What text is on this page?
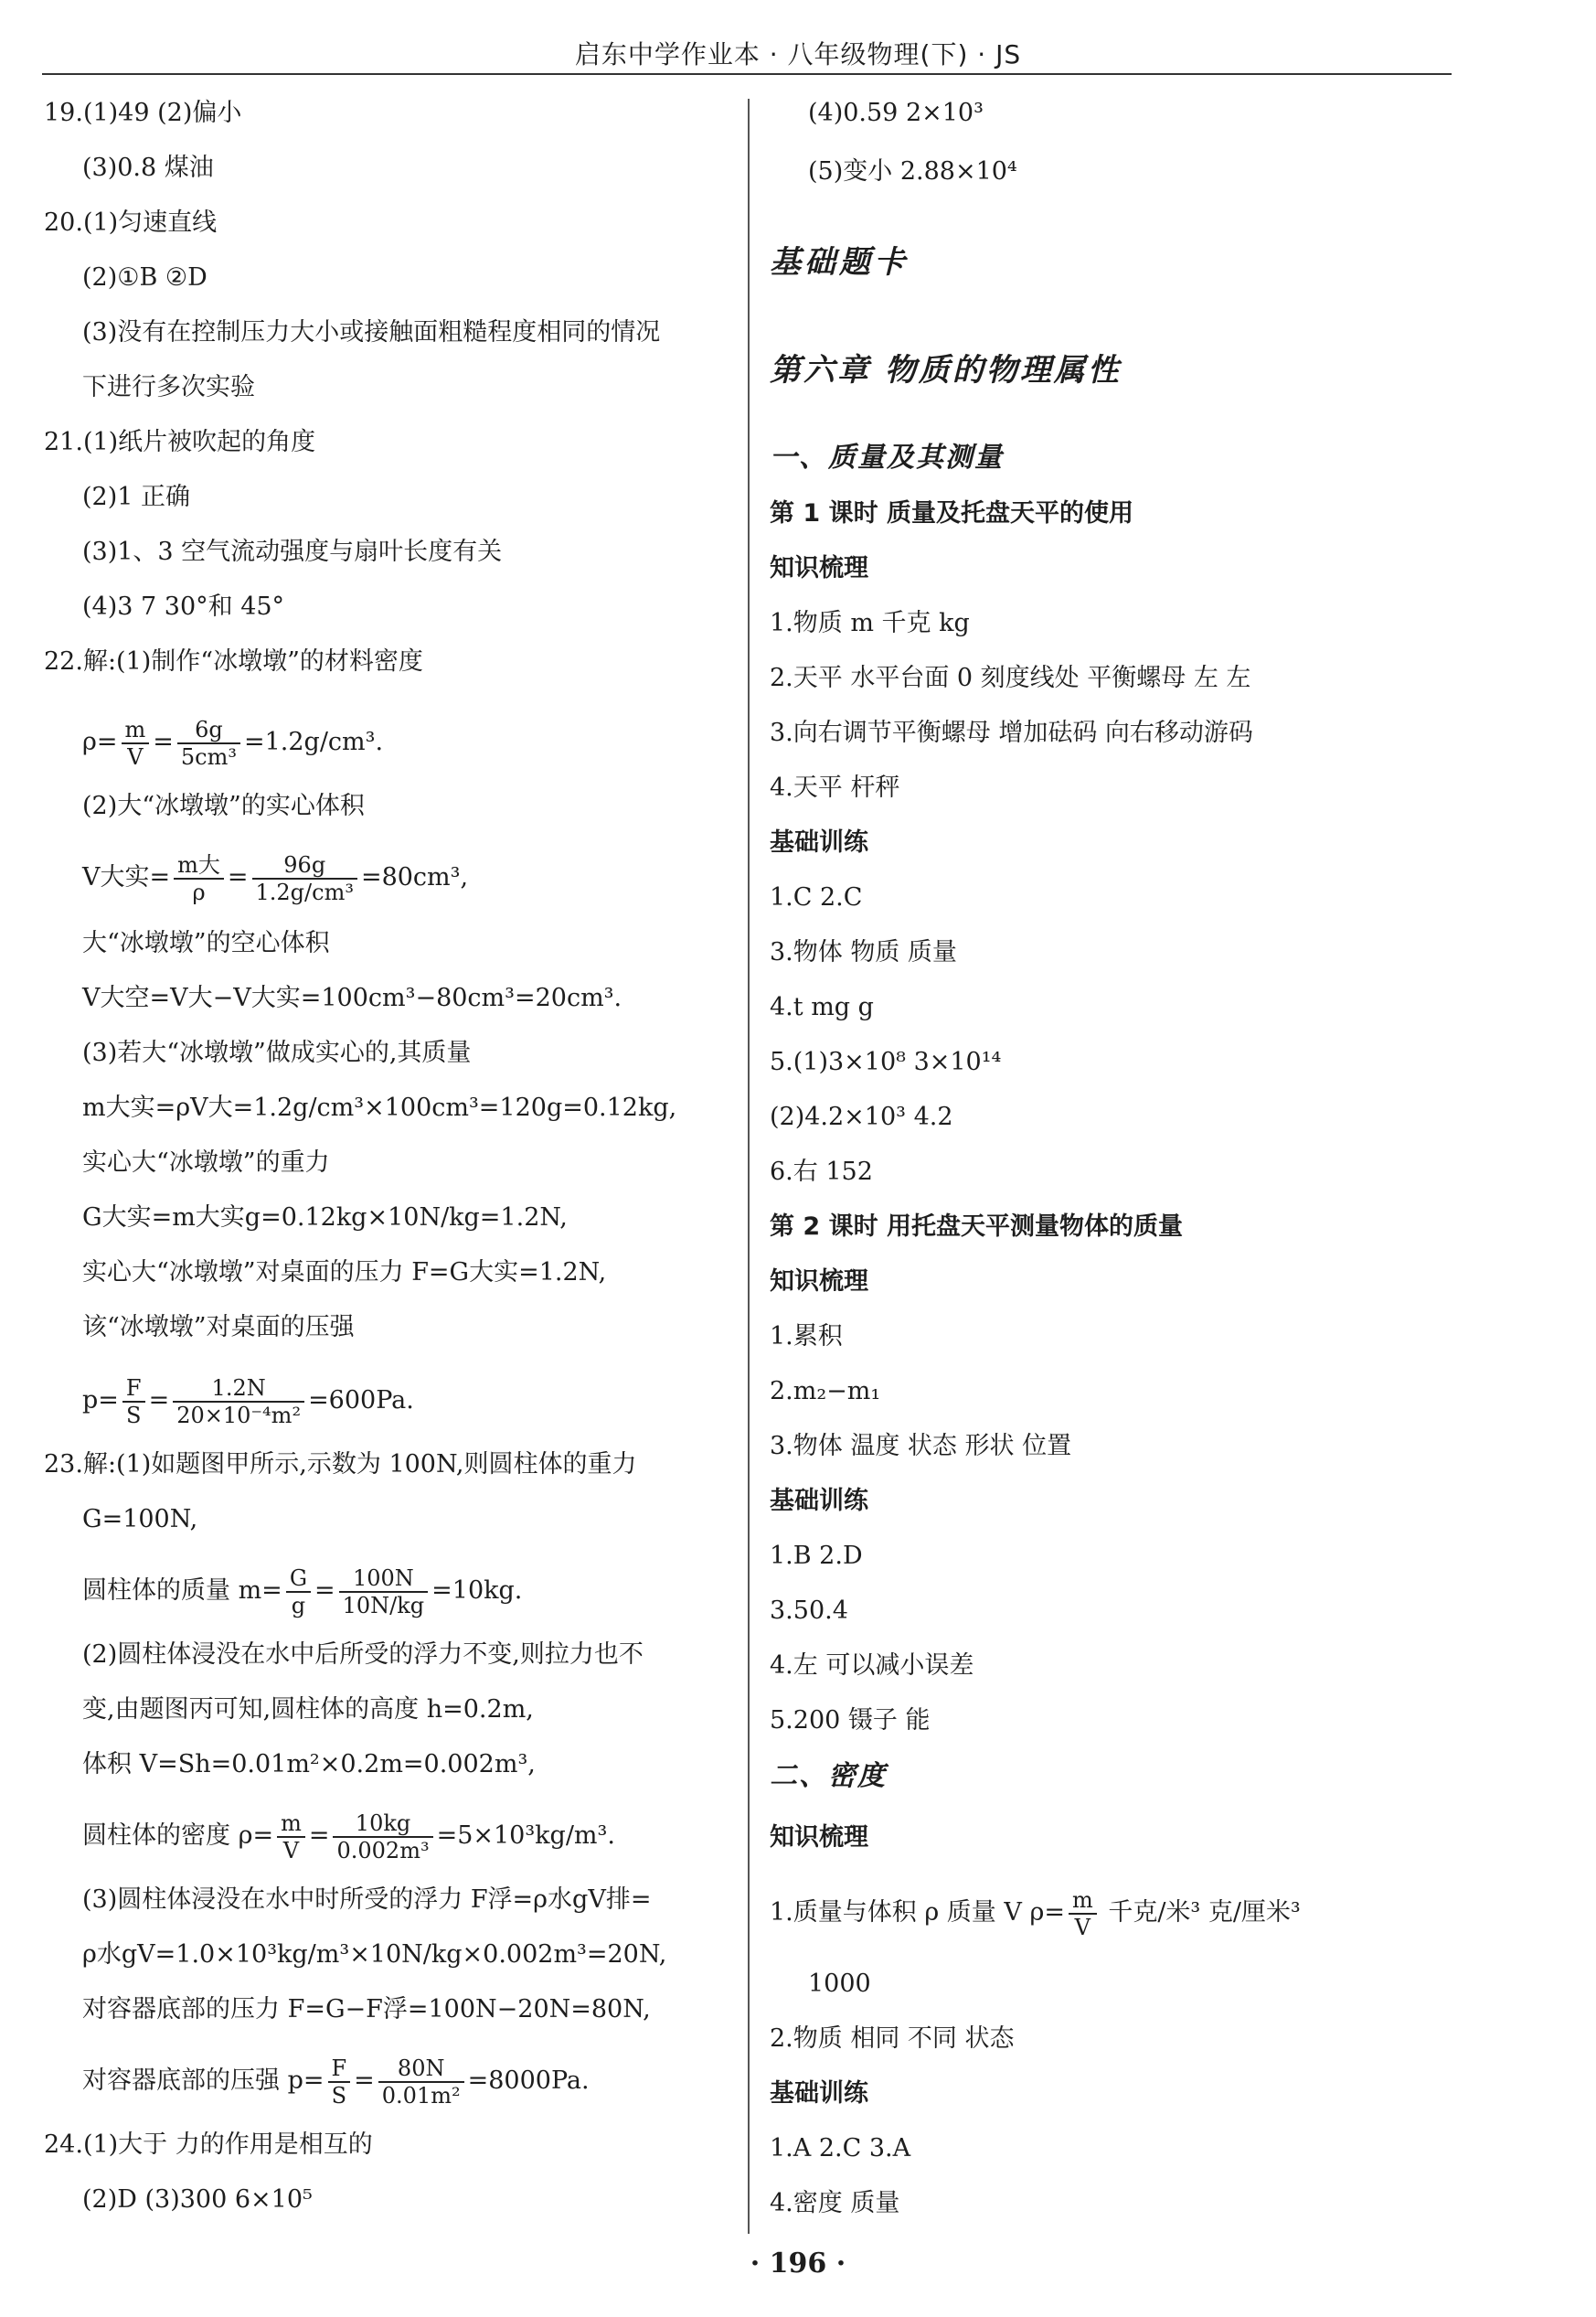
启东中学作业本 · 八年级物理(下) · JS
19.(1)49 (2)偏小
(3)0.8 煤油
20.(1)匀速直线
(2)①B ②D
(3)没有在控制压力大小或接触面粗糙程度相同的情况
下进行多次实验
21.(1)纸片被吹起的角度
(2)1 正确
(3)1、3 空气流动强度与扇叶长度有关
(4)3 7 30°和 45°
22.解:(1)制作“冰墩墩”的材料密度
$\rho= \frac{m}{V} = \frac{6g}{\text{5cm³}} =1.2g/cm^3$.
(2)大“冰墩墩”的实心体积
V大实= $\frac{\text{m大}}{\rho} = \frac{96g}{\text{1.2g/cm³}} =80cm^3$,
大“冰墩墩”的空心体积
V大空=V大−V大实=100cm³−80cm³=20cm³.
(3)若大“冰墩墩”做成实心的,其质量
m大实=ρV大=1.2g/cm³×100cm³=120g=0.12kg,
实心大“冰墩墩”的重力
G大实=m大实g=0.12kg×10N/kg=1.2N,
实心大“冰墩墩”对桌面的压力 F=G大实=1.2N,
该“冰墩墩”对桌面的压强
$p= \frac{F}{S} = \frac{1.2N}{\text{20×10⁻⁴m²}} =600Pa$.
23.解:(1)如题图甲所示,示数为 100N,则圆柱体的重力
G=100N,
圆柱体的质量 $m= \frac{G}{g} = \frac{100N}{10N/kg} =10kg$.
(2)圆柱体浸没在水中后所受的浮力不变,则拉力也不
变,由题图丙可知,圆柱体的高度 h=0.2m,
体积 V=Sh=0.01m²×0.2m=0.002m³,
圆柱体的密度 $\rho= \frac{m}{V} = \frac{10kg}{\text{0.002m³}} =5\times 10^3kg/m^3$.
(3)圆柱体浸没在水中时所受的浮力 F浮=ρ水gV排=
ρ水gV=1.0×10³kg/m³×10N/kg×0.002m³=20N,
对容器底部的压力 F=G−F浮=100N−20N=80N,
对容器底部的压强 $p= \frac{F}{S} = \frac{80N}{\text{0.01m²}} =8000Pa$.
24.(1)大于 力的作用是相互的
(2)D (3)300 6×10⁵
(4)0.59 2×10³
(5)变小 2.88×10⁴
基础题卡
第六章 物质的物理属性
一、质量及其测量
第 1 课时 质量及托盘天平的使用
知识梳理
1.物质 m 千克 kg
2.天平 水平台面 0 刻度线处 平衡螺母 左 左
3.向右调节平衡螺母 增加砝码 向右移动游码
4.天平 杆秤
基础训练
1.C 2.C
3.物体 物质 质量
4.t mg g
5.(1)3×10⁸ 3×10¹⁴
(2)4.2×10³ 4.2
6.右 152
第 2 课时 用托盘天平测量物体的质量
知识梳理
1.累积
2.m₂−m₁
3.物体 温度 状态 形状 位置
基础训练
1.B 2.D
3.50.4
4.左 可以减小误差
5.200 镊子 能
二、密度
知识梳理
1.质量与体积 ρ 质量 V $\rho= \frac{m}{V}$ 千克/米³ 克/厘米³
1000
2.物质 相同 不同 状态
基础训练
1.A 2.C 3.A
4.密度 质量
· 196 ·
